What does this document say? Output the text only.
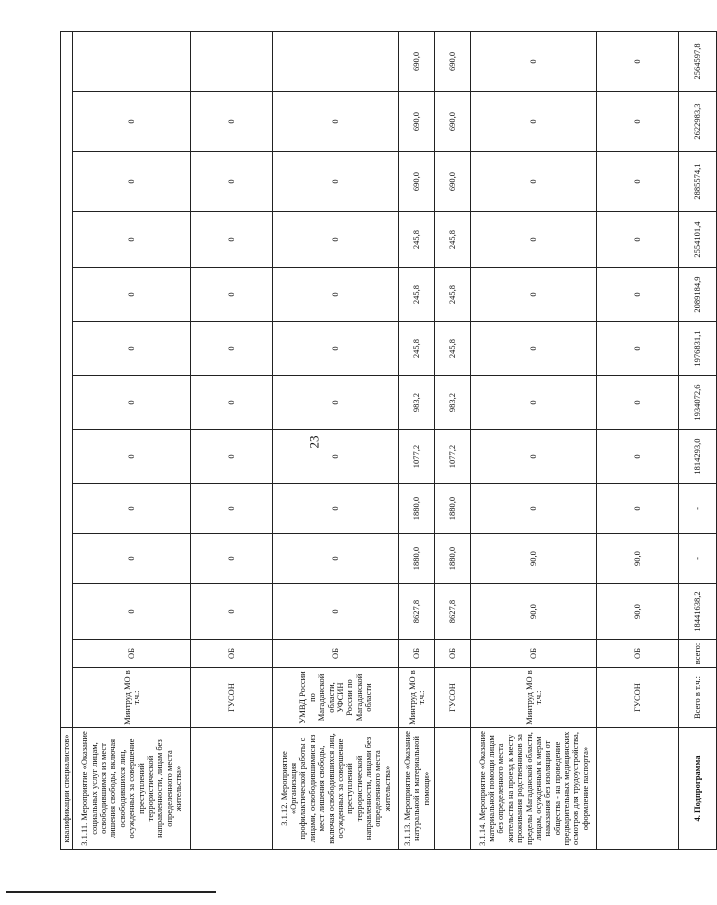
23
квалификации специалистов»													
3.1.11. Мероприятие «Оказание социальных услуг лицам, освободившимся из мест лишения свободы, включая освободившихся лиц, осужденных за совершение преступлений террористической направленности, лицам без определенного места жительства»	Минтруд МО в т.ч.:	ОБ	0	0	0	0	0	0	0	0	0	0	
	ГУСОН	ОБ	0	0	0	0	0	0	0	0	0	0	
3.1.12. Мероприятие «Организация профилактической работы с лицами, освободившимися из мест лишения свободы, включая освободившихся лиц, осужденных за совершение преступлений террористической направленности, лицами без определенного места жительства»	УМВД России по Магаданской области, УФСИН России по Магаданской области	ОБ	0	0	0	0	0	0	0	0	0	0	
3.1.13. Мероприятие «Оказание натуральной и материальной помощи»	Минтруд МО в т.ч.:	ОБ	8627,8	1880,0	1880,0	1077,2	983,2	245,8	245,8	245,8	690,0	690,0	690,0
	ГУСОН	ОБ	8627,8	1880,0	1880,0	1077,2	983,2	245,8	245,8	245,8	690,0	690,0	690,0
3.1.14. Мероприятие «Оказание материальной помощи лицам без определенного места жительства на проезд к месту проживания родственников за пределы Магаданской области, лицам, осужденным к мерам наказания без изоляции от общества - на проведение предварительных медицинских осмотров для трудоустройства, оформление паспорта»	Минтруд МО в т.ч.:	ОБ	90,0	90,0	0	0	0	0	0	0	0	0	0
	ГУСОН	ОБ	90,0	90,0	0	0	0	0	0	0	0	0	0
4. Подпрограмма	Всего в т.ч.:	всего:	18441638,2	-	-	1814293,0	1934072,6	1976831,1	2089184,9	2554101,4	2885574,1	2622983,3	2564597,8
